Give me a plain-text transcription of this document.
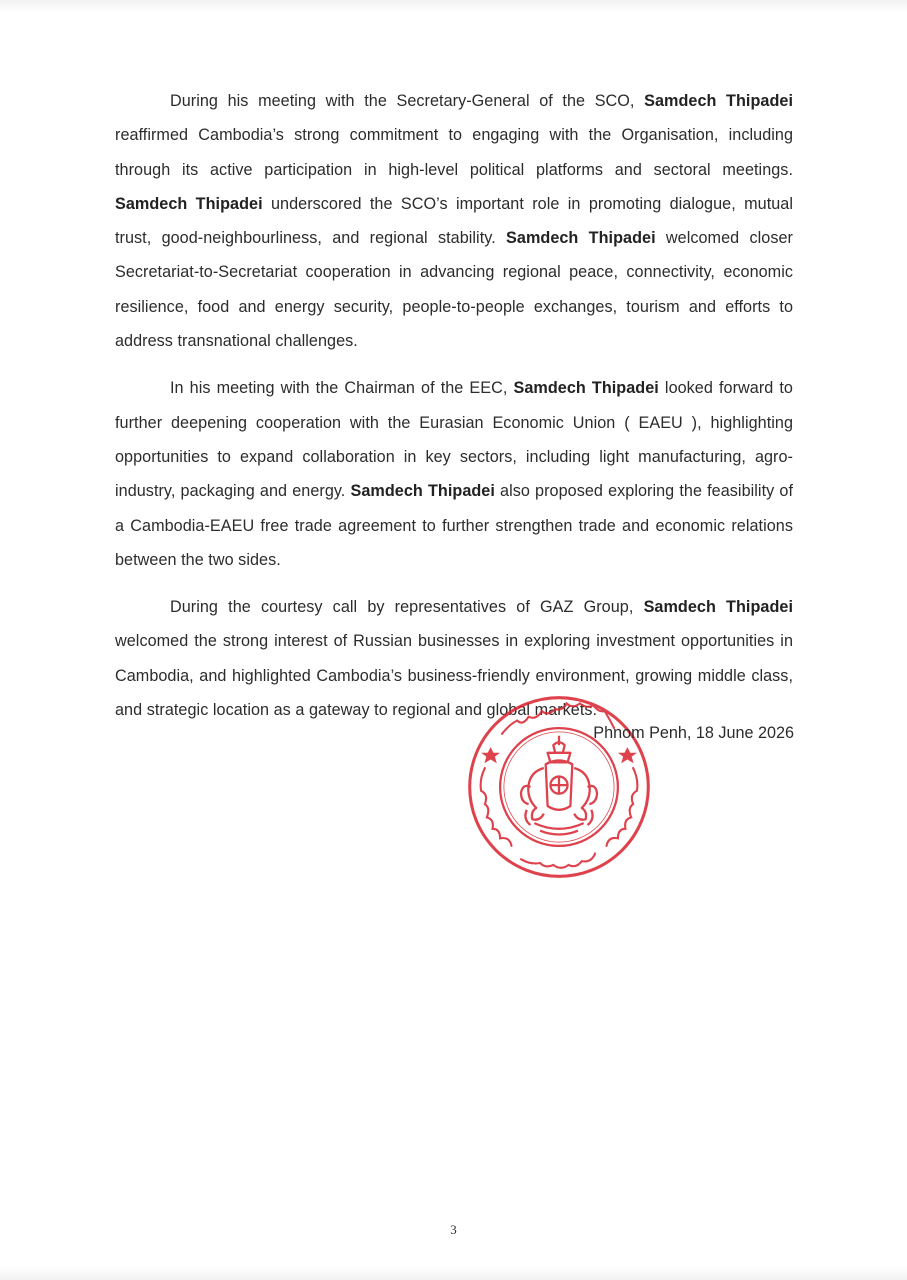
During his meeting with the Secretary-General of the SCO, Samdech Thipadei reaffirmed Cambodia’s strong commitment to engaging with the Organisation, including through its active participation in high-level political platforms and sectoral meetings. Samdech Thipadei underscored the SCO’s important role in promoting dialogue, mutual trust, good-neighbourliness, and regional stability. Samdech Thipadei welcomed closer Secretariat-to-Secretariat cooperation in advancing regional peace, connectivity, economic resilience, food and energy security, people-to-people exchanges, tourism and efforts to address transnational challenges.

In his meeting with the Chairman of the EEC, Samdech Thipadei looked forward to further deepening cooperation with the Eurasian Economic Union ( EAEU ), highlighting opportunities to expand collaboration in key sectors, including light manufacturing, agro-industry, packaging and energy. Samdech Thipadei also proposed exploring the feasibility of a Cambodia-EAEU free trade agreement to further strengthen trade and economic relations between the two sides.

During the courtesy call by representatives of GAZ Group, Samdech Thipadei welcomed the strong interest of Russian businesses in exploring investment opportunities in Cambodia, and highlighted Cambodia’s business-friendly environment, growing middle class, and strategic location as a gateway to regional and global markets.

Phnom Penh, 18 June 2026
3
